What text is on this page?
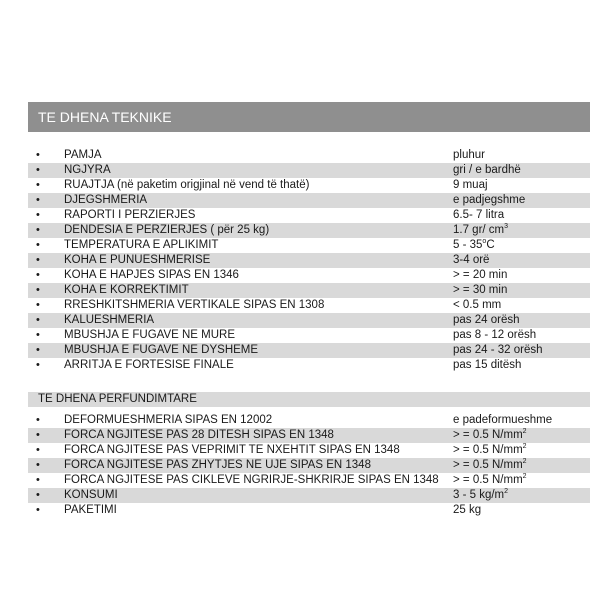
TE DHENA TEKNIKE
• PAMJA	pluhur
• NGJYRA	gri / e bardhë
• RUAJTJA (në paketim origjinal në vend të thatë)	9 muaj
• DJEGSHMERIA	e padjegshme
• RAPORTI I PERZIERJES	6.5- 7 litra
• DENDESIA E PERZIERJES ( për 25 kg)	1.7 gr/ $cm^3$
• TEMPERATURA E APLIKIMIT	5 - 35$^o$C
• KOHA E PUNUESHMERISE	3-4 orë
• KOHA E HAPJES SIPAS EN 1346	> = 20 min
• KOHA E KORREKTIMIT	> = 30 min
• RRESHKITSHMERIA VERTIKALE SIPAS EN 1308	< 0.5 mm
• KALUESHMERIA	pas 24 orësh
• MBUSHJA E FUGAVE NE MURE	pas 8 - 12 orësh
• MBUSHJA E FUGAVE NE DYSHEME	pas 24 - 32 orësh
• ARRITJA E FORTESISE FINALE	pas 15 ditësh
TE DHENA PERFUNDIMTARE
• DEFORMUESHMERIA SIPAS EN 12002	e padeformueshme
• FORCA NGJITESE PAS 28 DITESH SIPAS EN 1348	> = 0.5 $N/mm^2$
• FORCA NGJITESE PAS VEPRIMIT TE NXEHTIT SIPAS EN 1348	> = 0.5 $N/mm^2$
• FORCA NGJITESE PAS ZHYTJES NE UJE SIPAS EN 1348	> = 0.5 $N/mm^2$
• FORCA NGJITESE PAS CIKLEVE NGRIRJE-SHKRIRJE SIPAS EN 1348 > = 0.5 $N/mm^2$
• KONSUMI	3 - 5 $kg/m^2$
• PAKETIMI	25 kg
